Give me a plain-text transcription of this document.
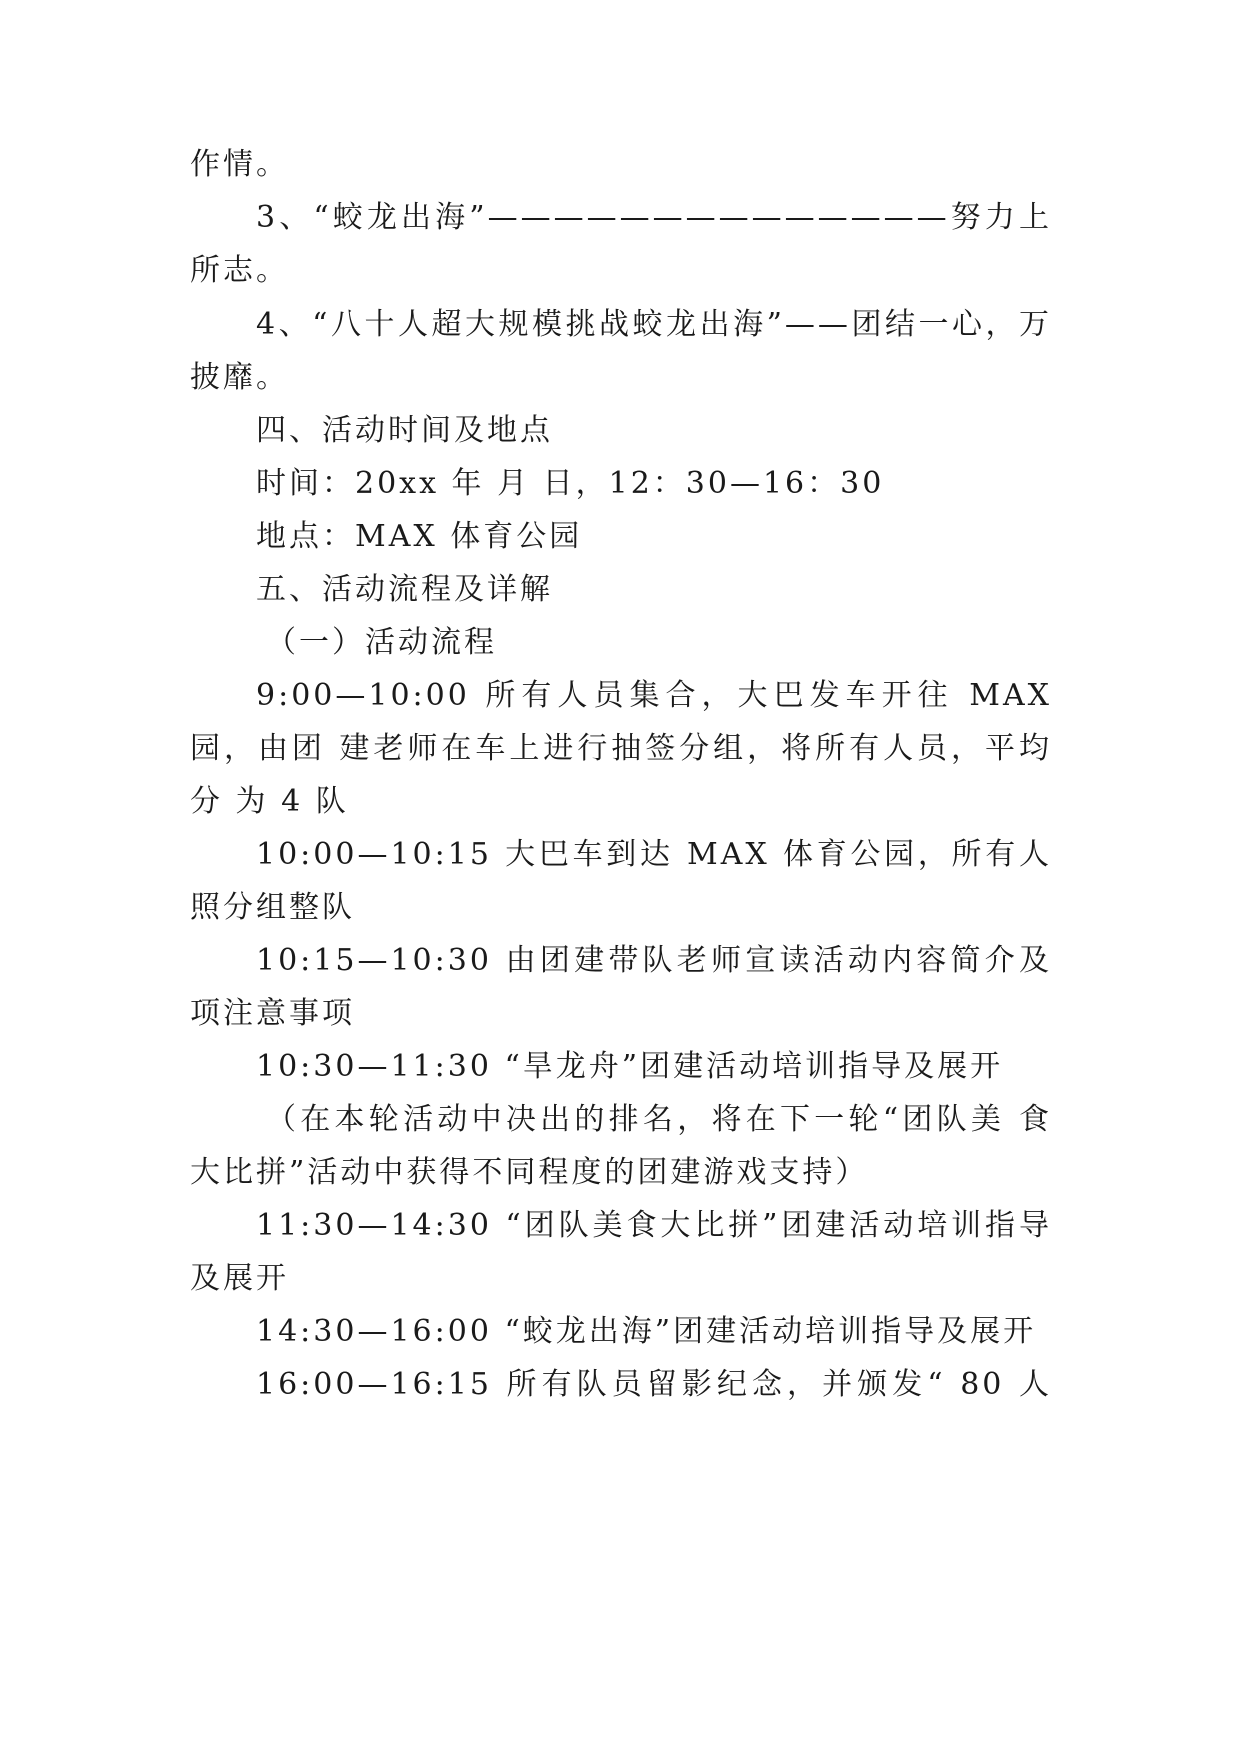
作情。

3、“蛟龙出海”——————————————努力上

所志。

4、“八十人超大规模挑战蛟龙出海”——团结一心，万

披靡。

四、活动时间及地点

时间：20xx 年 月 日，12：30—16：30

地点：MAX 体育公园

五、活动流程及详解

（一）活动流程

9:00—10:00 所有人员集合，大巴发车开往 MAX

园，由团 建老师在车上进行抽签分组，将所有人员，平均

分 为 4 队

10:00—10:15 大巴车到达 MAX 体育公园，所有人

照分组整队

10:15—10:30 由团建带队老师宣读活动内容简介及

项注意事项

10:30—11:30 “旱龙舟”团建活动培训指导及展开

（在本轮活动中决出的排名，将在下一轮“团队美 食

大比拼”活动中获得不同程度的团建游戏支持）

11:30—14:30 “团队美食大比拼”团建活动培训指导

及展开

14:30—16:00 “蛟龙出海”团建活动培训指导及展开

16:00—16:15 所有队员留影纪念，并颁发“ 80 人
